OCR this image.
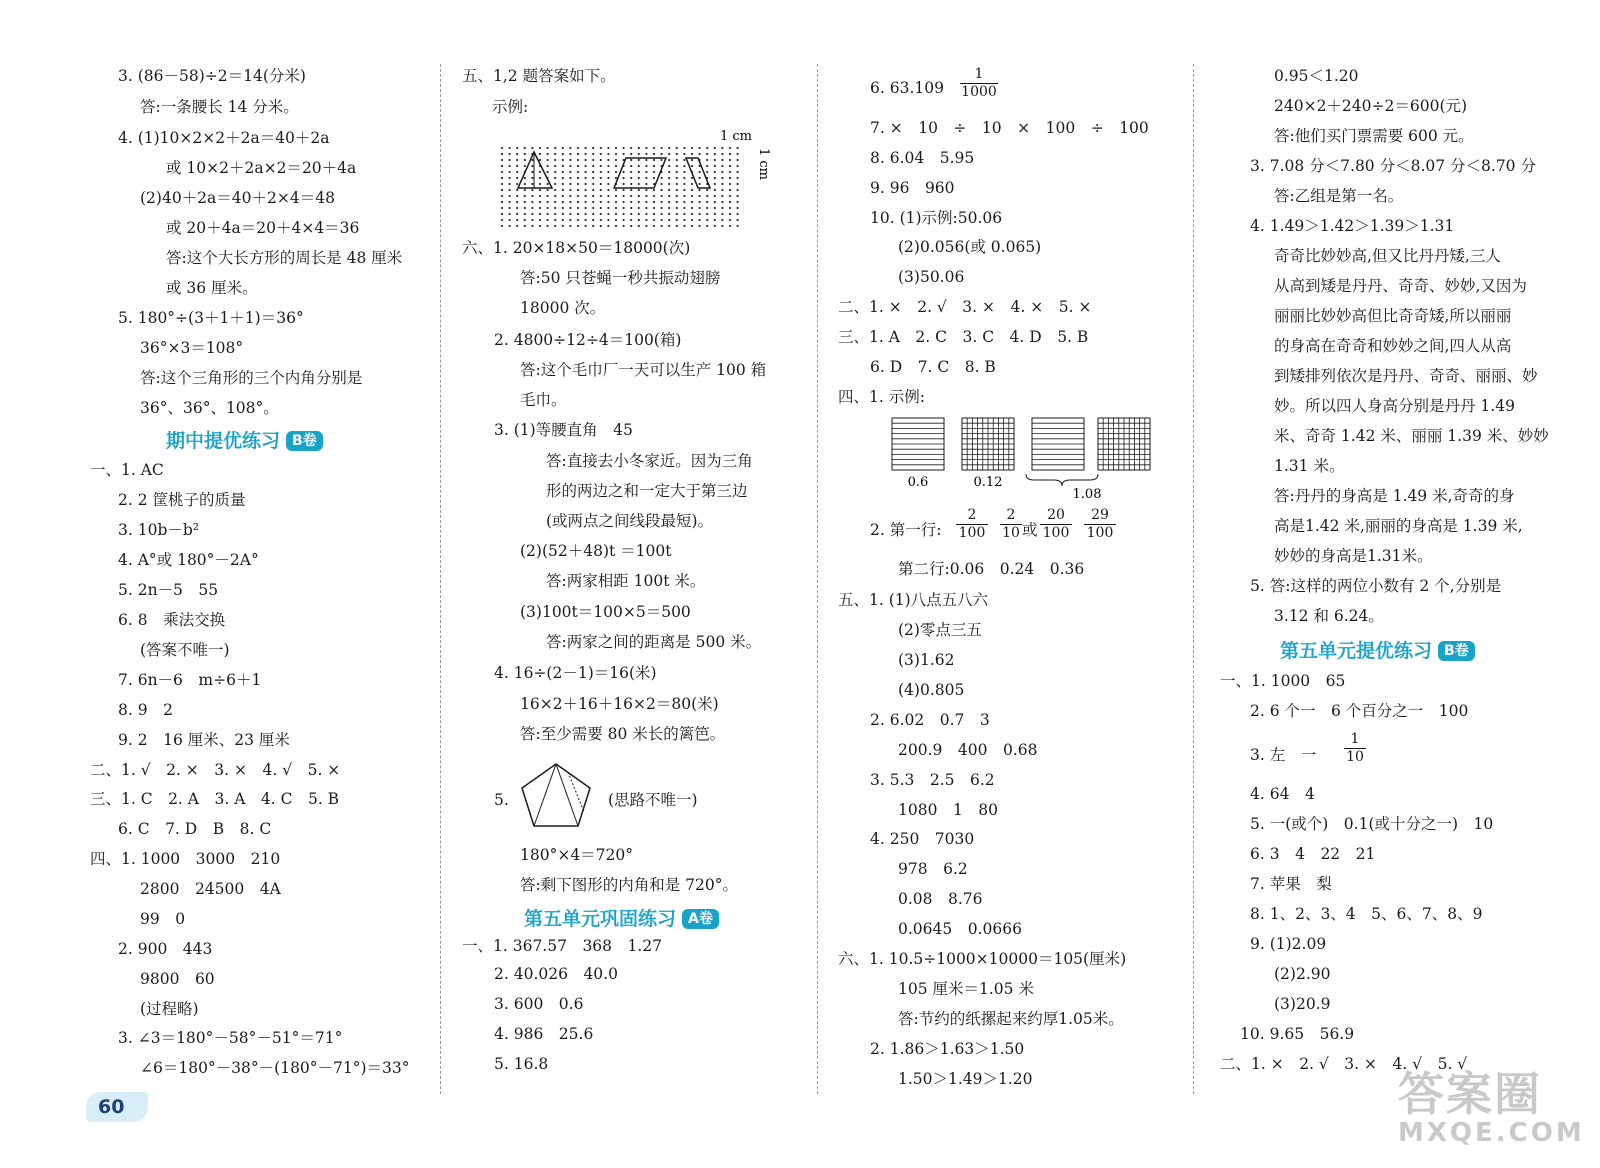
3. (86－58)÷2＝14(分米)
答:一条腰长 14 分米。
4. (1)10×2×2＋2a＝40＋2a
或 10×2＋2a×2＝20＋4a
(2)40＋2a＝40＋2×4＝48
或 20＋4a＝20＋4×4＝36
答:这个大长方形的周长是 48 厘米
或 36 厘米。
5. 180°÷(3＋1＋1)＝36°
36°×3＝108°
答:这个三角形的三个内角分别是
36°、36°、108°。
期中提优练习 B卷
一、1. AC
2. 2 筐桃子的质量
3. 10b－b²
4. A°或 180°－2A°
5. 2n－5　55
6. 8　乘法交换
(答案不唯一)
7. 6n－6　m÷6＋1
8. 9　2
9. 2　16 厘米、23 厘米
二、1. √　2. ×　3. ×　4. √　5. ×
三、1. C　2. A　3. A　4. C　5. B
6. C　7. D　B　8. C
四、1. 1000　3000　210
2800　24500　4A
99　0
2. 900　443
9800　60
(过程略)
3. ∠3＝180°－58°－51°＝71°
∠6＝180°－38°－(180°－71°)＝33°
五、1,2 题答案如下。
示例:
1 cm
1 cm
六、1. 20×18×50＝18000(次)
答:50 只苍蝇一秒共振动翅膀
18000 次。
2. 4800÷12÷4＝100(箱)
答:这个毛巾厂一天可以生产 100 箱
毛巾。
3. (1)等腰直角　45
答:直接去小冬家近。因为三角
形的两边之和一定大于第三边
(或两点之间线段最短)。
(2)(52＋48)t ＝100t
答:两家相距 100t 米。
(3)100t＝100×5＝500
答:两家之间的距离是 500 米。
4. 16÷(2－1)＝16(米)
16×2＋16＋16×2＝80(米)
答:至少需要 80 米长的篱笆。
5.	(思路不唯一)
180°×4＝720°
答:剩下图形的内角和是 720°。
第五单元巩固练习 A卷
一、1. 367.57　368　1.27
2. 40.026　40.0
3. 600　0.6
4. 986　25.6
5. 16.8
6. $63.109 \frac{1}{1000}$
7. ×　10　÷　10　×　100　÷　100
8. 6.04　5.95
9. 96　960
10. (1)示例:50.06
(2)0.056(或 0.065)
(3)50.06
二、1. ×　2. √　3. ×　4. ×　5. ×
三、1. A　2. C　3. C　4. D　5. B
6. D　7. C　8. B
四、1. 示例:
0.6	0.12
1.08
2. 第一行: $\frac{2}{100} \frac{2}{10}$ 或 $\frac{20}{100} \frac{29}{100}$
第二行:0.06　0.24　0.36
五、1. (1)八点五八六
(2)零点三五
(3)1.62
(4)0.805
2. 6.02　0.7　3
200.9　400　0.68
3. 5.3　2.5　6.2
1080　1　80
4. 250　7030
978　6.2
0.08　8.76
0.0645　0.0666
六、1. 10.5÷1000×10000＝105(厘米)
105 厘米＝1.05 米
答:节约的纸摞起来约厚1.05米。
2. 1.86＞1.63＞1.50
1.50＞1.49＞1.20
0.95＜1.20
240×2＋240÷2＝600(元)
答:他们买门票需要 600 元。
3. 7.08 分＜7.80 分＜8.07 分＜8.70 分
答:乙组是第一名。
4. 1.49＞1.42＞1.39＞1.31
奇奇比妙妙高,但又比丹丹矮,三人
从高到矮是丹丹、奇奇、妙妙,又因为
丽丽比妙妙高但比奇奇矮,所以丽丽
的身高在奇奇和妙妙之间,四人从高
到矮排列依次是丹丹、奇奇、丽丽、妙
妙。所以四人身高分别是丹丹 1.49
米、奇奇 1.42 米、丽丽 1.39 米、妙妙
1.31 米。
答:丹丹的身高是 1.49 米,奇奇的身
高是1.42 米,丽丽的身高是 1.39 米,
妙妙的身高是1.31米。
5. 答:这样的两位小数有 2 个,分别是
3.12 和 6.24。
第五单元提优练习 B卷
一、1. 1000　65
2. 6 个一　6 个百分之一　100
3. 左　一 $\frac{1}{10}$
4. 64　4
5. 一(或个)　0.1(或十分之一)　10
6. 3　4　22　21
7. 苹果　梨
8. 1、2、3、4　5、6、7、8、9
9. (1)2.09
(2)2.90
(3)20.9
10. 9.65　56.9
二、1. ×　2. √　3. ×　4. √　5. √
60	答案圈
MXQE.COM
